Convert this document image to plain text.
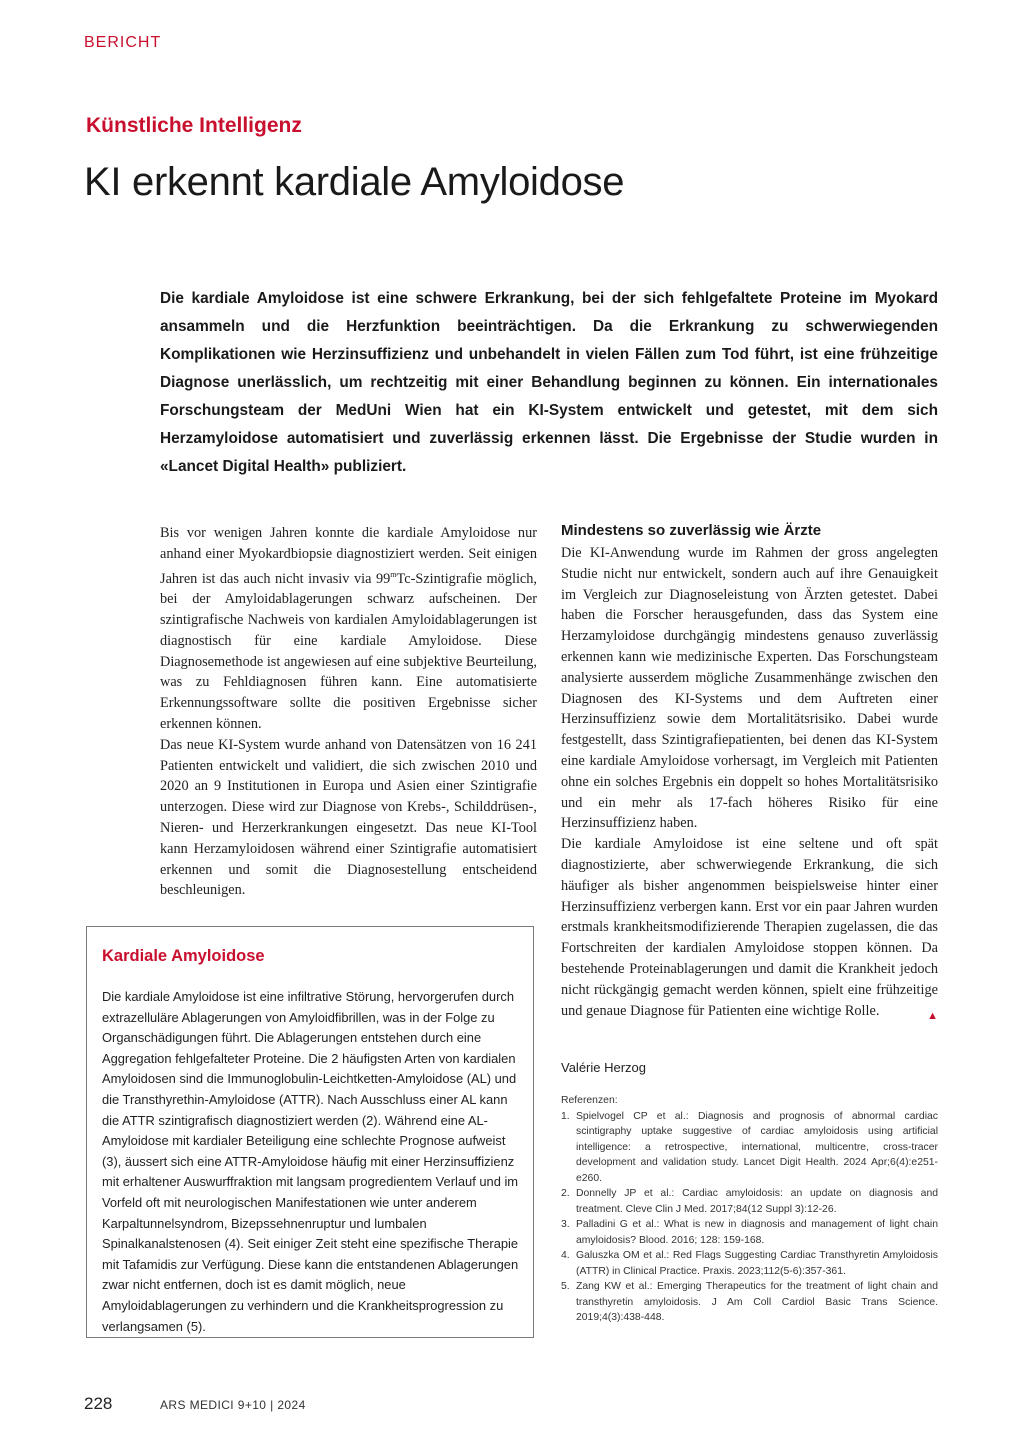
BERICHT
Künstliche Intelligenz
KI erkennt kardiale Amyloidose

Die kardiale Amyloidose ist eine schwere Erkrankung, bei der sich fehlgefaltete Proteine im Myokard ansammeln und die Herzfunktion beeinträchtigen. Da die Erkrankung zu schwerwiegenden Komplikationen wie Herzinsuffizienz und unbehandelt in vielen Fällen zum Tod führt, ist eine frühzeitige Diagnose unerlässlich, um rechtzeitig mit einer Behandlung beginnen zu können. Ein internationales Forschungsteam der MedUni Wien hat ein KI-System entwickelt und getestet, mit dem sich Herzamyloidose automatisiert und zuverlässig erkennen lässt. Die Ergebnisse der Studie wurden in «Lancet Digital Health» publiziert.

Bis vor wenigen Jahren konnte die kardiale Amyloidose nur anhand einer Myokardbiopsie diagnostiziert werden. Seit einigen Jahren ist das auch nicht invasiv via 99$^m$Tc-Szintigrafie möglich, bei der Amyloidablagerungen schwarz aufscheinen. Der szintigrafische Nachweis von kardialen Amyloidablagerungen ist diagnostisch für eine kardiale Amyloidose. Diese Diagnosemethode ist angewiesen auf eine subjektive Beurteilung, was zu Fehldiagnosen führen kann. Eine automatisierte Erkennungssoftware sollte die positiven Ergebnisse sicher erkennen können.

Das neue KI-System wurde anhand von Datensätzen von 16 241 Patienten entwickelt und validiert, die sich zwischen 2010 und 2020 an 9 Institutionen in Europa und Asien einer Szintigrafie unterzogen. Diese wird zur Diagnose von Krebs-, Schilddrüsen-, Nieren- und Herzerkrankungen eingesetzt. Das neue KI-Tool kann Herzamyloidosen während einer Szintigrafie automatisiert erkennen und somit die Diagnosestellung entscheidend beschleunigen.

Mindestens so zuverlässig wie Ärzte

Die KI-Anwendung wurde im Rahmen der gross angelegten Studie nicht nur entwickelt, sondern auch auf ihre Genauigkeit im Vergleich zur Diagnoseleistung von Ärzten getestet. Dabei haben die Forscher herausgefunden, dass das System eine Herzamyloidose durchgängig mindestens genauso zuverlässig erkennen kann wie medizinische Experten. Das Forschungsteam analysierte ausserdem mögliche Zusammenhänge zwischen den Diagnosen des KI-Systems und dem Auftreten einer Herzinsuffizienz sowie dem Mortalitätsrisiko. Dabei wurde festgestellt, dass Szintigrafiepatienten, bei denen das KI-System eine kardiale Amyloidose vorhersagt, im Vergleich mit Patienten ohne ein solches Ergebnis ein doppelt so hohes Mortalitätsrisiko und ein mehr als 17-fach höheres Risiko für eine Herzinsuffizienz haben.

Die kardiale Amyloidose ist eine seltene und oft spät diagnostizierte, aber schwerwiegende Erkrankung, die sich häufiger als bisher angenommen beispielsweise hinter einer Herzinsuffizienz verbergen kann. Erst vor ein paar Jahren wurden erstmals krankheitsmodifizierende Therapien zugelassen, die das Fortschreiten der kardialen Amyloidose stoppen können. Da bestehende Proteinablagerungen und damit die Krankheit jedoch nicht rückgängig gemacht werden können, spielt eine frühzeitige und genaue Diagnose für Patienten eine wichtige Rolle.	▲

Valérie Herzog
Referenzen:
1. Spielvogel CP et al.: Diagnosis and prognosis of abnormal cardiac scintigraphy uptake suggestive of cardiac amyloidosis using artificial intelligence: a retrospective, international, multicentre, cross-tracer development and validation study. Lancet Digit Health. 2024 Apr;6(4):e251-e260.
2. Donnelly JP et al.: Cardiac amyloidosis: an update on diagnosis and treatment. Cleve Clin J Med. 2017;84(12 Suppl 3):12-26.
3. Palladini G et al.: What is new in diagnosis and management of light chain amyloidosis? Blood. 2016; 128: 159-168.
4. Galuszka OM et al.: Red Flags Suggesting Cardiac Transthyretin Amyloidosis (ATTR) in Clinical Practice. Praxis. 2023;112(5-6):357-361.
5. Zang KW et al.: Emerging Therapeutics for the treatment of light chain and transthyretin amyloidosis. J Am Coll Cardiol Basic Trans Science. 2019;4(3):438-448.
Kardiale Amyloidose

Die kardiale Amyloidose ist eine infiltrative Störung, hervorgerufen durch extrazelluläre Ablagerungen von Amyloidfibrillen, was in der Folge zu Organschädigungen führt. Die Ablagerungen entstehen durch eine Aggregation fehlgefalteter Proteine. Die 2 häufigsten Arten von kardialen Amyloidosen sind die Immunoglobulin-Leichtketten-Amyloidose (AL) und die Transthyrethin-Amyloidose (ATTR). Nach Ausschluss einer AL kann die ATTR szintigrafisch diagnostiziert werden (2). Während eine AL-Amyloidose mit kardialer Beteiligung eine schlechte Prognose aufweist (3), äussert sich eine ATTR-Amyloidose häufig mit einer Herzinsuffizienz mit erhaltener Auswurffraktion mit langsam progredientem Verlauf und im Vorfeld oft mit neurologischen Manifestationen wie unter anderem Karpaltunnelsyndrom, Bizepssehnenruptur und lumbalen Spinalkanalstenosen (4). Seit einiger Zeit steht eine spezifische Therapie mit Tafamidis zur Verfügung. Diese kann die entstandenen Ablagerungen zwar nicht entfernen, doch ist es damit möglich, neue Amyloidablagerungen zu verhindern und die Krankheitsprogression zu verlangsamen (5).

228	ARS MEDICI 9+10 | 2024
